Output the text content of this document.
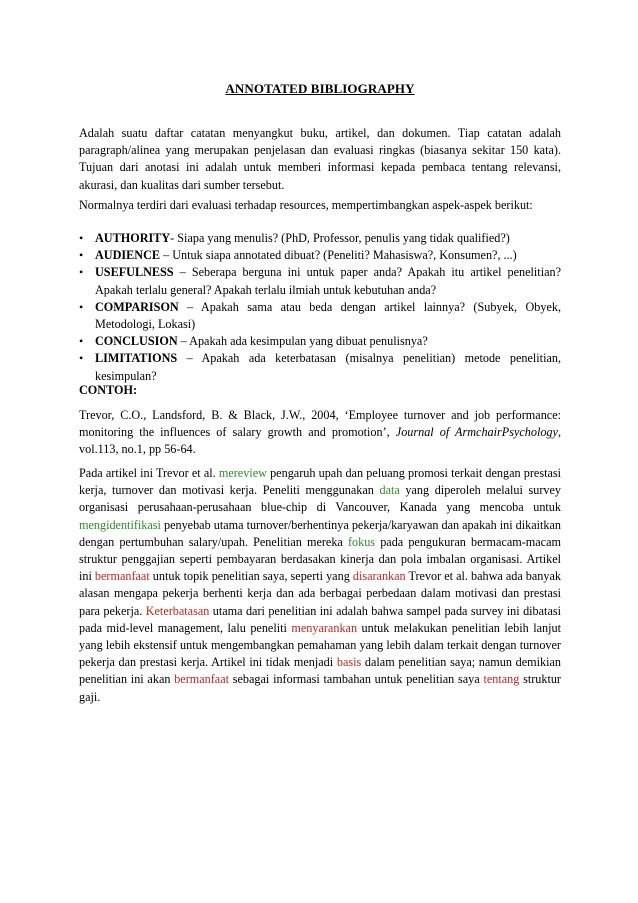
ANNOTATED BIBLIOGRAPHY

Adalah suatu daftar catatan menyangkut buku, artikel, dan dokumen. Tiap catatan adalah paragraph/alinea yang merupakan penjelasan dan evaluasi ringkas (biasanya sekitar 150 kata). Tujuan dari anotasi ini adalah untuk memberi informasi kepada pembaca tentang relevansi, akurasi, dan kualitas dari sumber tersebut.

Normalnya terdiri dari evaluasi terhadap resources, mempertimbangkan aspek-aspek berikut:

• AUTHORITY- Siapa yang menulis? (PhD, Professor, penulis yang tidak qualified?)
• AUDIENCE – Untuk siapa annotated dibuat? (Peneliti? Mahasiswa?, Konsumen?, ...)
• USEFULNESS – Seberapa berguna ini untuk paper anda? Apakah itu artikel penelitian? Apakah terlalu general? Apakah terlalu ilmiah untuk kebutuhan anda?
• COMPARISON – Apakah sama atau beda dengan artikel lainnya? (Subyek, Obyek, Metodologi, Lokasi)
• CONCLUSION – Apakah ada kesimpulan yang dibuat penulisnya?
• LIMITATIONS – Apakah ada keterbatasan (misalnya penelitian) metode penelitian, kesimpulan?
CONTOH:

Trevor, C.O., Landsford, B. & Black, J.W., 2004, ‘Employee turnover and job performance: monitoring the influences of salary growth and promotion’, Journal of ArmchairPsychology, vol.113, no.1, pp 56-64.

Pada artikel ini Trevor et al. mereview pengaruh upah dan peluang promosi terkait dengan prestasi kerja, turnover dan motivasi kerja. Peneliti menggunakan data yang diperoleh melalui survey organisasi perusahaan-perusahaan blue-chip di Vancouver, Kanada yang mencoba untuk mengidentifikasi penyebab utama turnover/berhentinya pekerja/karyawan dan apakah ini dikaitkan dengan pertumbuhan salary/upah. Penelitian mereka fokus pada pengukuran bermacam-macam struktur penggajian seperti pembayaran berdasakan kinerja dan pola imbalan organisasi. Artikel ini bermanfaat untuk topik penelitian saya, seperti yang disarankan Trevor et al. bahwa ada banyak alasan mengapa pekerja berhenti kerja dan ada berbagai perbedaan dalam motivasi dan prestasi para pekerja. Keterbatasan utama dari penelitian ini adalah bahwa sampel pada survey ini dibatasi pada mid-level management, lalu peneliti menyarankan untuk melakukan penelitian lebih lanjut yang lebih ekstensif untuk mengembangkan pemahaman yang lebih dalam terkait dengan turnover pekerja dan prestasi kerja. Artikel ini tidak menjadi basis dalam penelitian saya; namun demikian penelitian ini akan bermanfaat sebagai informasi tambahan untuk penelitian saya tentang struktur gaji.
